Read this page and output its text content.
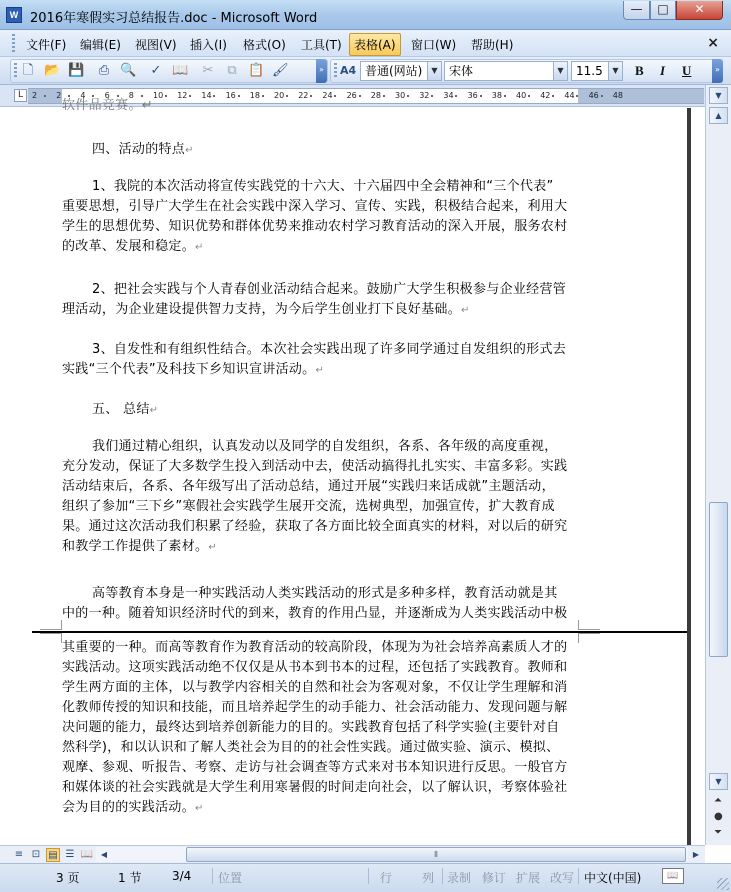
W 2016年寒假实习总结报告.doc - Microsoft Word
—	□	✕
文件(F) 编辑(E) 视图(V) 插入(I) 格式(O) 工具(T)	表格(A)	窗口(W) 帮助(H)	×
🗋 📂 💾 ⎙ 🔍 ✓ 📖 ✂ ⧉ 📋 🖌	» A4 普通(网站)	▼ 宋体	▼	11.5	▼ B I U	»
L	2 2 4 6 8 10 12 14 16 18 20 22 24 26 28 30 32 34 36 38 40 42 44 46 48
软件品竞赛。↵
四、活动的特点↵
1、我院的本次活动将宣传实践党的十六大、十六届四中全会精神和“三个代表”
重要思想，引导广大学生在社会实践中深入学习、宣传、实践，积极结合起来，利用大
学生的思想优势、知识优势和群体优势来推动农村学习教育活动的深入开展，服务农村
的改革、发展和稳定。↵
2、把社会实践与个人青春创业活动结合起来。鼓励广大学生积极参与企业经营管
理活动，为企业建设提供智力支持，为今后学生创业打下良好基础。↵
3、自发性和有组织性结合。本次社会实践出现了许多同学通过自发组织的形式去
实践“三个代表”及科技下乡知识宣讲活动。↵
五、 总结↵
我们通过精心组织，认真发动以及同学的自发组织，各系、各年级的高度重视，
充分发动，保证了大多数学生投入到活动中去，使活动搞得扎扎实实、丰富多彩。实践
活动结束后，各系、各年级写出了活动总结，通过开展“实践归来话成就”主题活动，
组织了参加“三下乡”寒假社会实践学生展开交流，选树典型，加强宣传，扩大教育成
果。通过这次活动我们积累了经验，获取了各方面比较全面真实的材料，对以后的研究
和教学工作提供了素材。↵
高等教育本身是一种实践活动人类实践活动的形式是多种多样，教育活动就是其
中的一种。随着知识经济时代的到来，教育的作用凸显，并逐渐成为人类实践活动中极
其重要的一种。而高等教育作为教育活动的较高阶段，体现为为社会培养高素质人才的
实践活动。这项实践活动绝不仅仅是从书本到书本的过程，还包括了实践教育。教师和
学生两方面的主体，以与教学内容相关的自然和社会为客观对象，不仅让学生理解和消
化教师传授的知识和技能，而且培养起学生的动手能力、社会活动能力、发现问题与解
决问题的能力，最终达到培养创新能力的目的。实践教育包括了科学实验(主要针对自
然科学)，和以认识和了解人类社会为目的的社会性实践。通过做实验、演示、模拟、
观摩、参观、听报告、考察、走访与社会调查等方式来对书本知识进行反思。一般官方
和媒体谈的社会实践就是大学生利用寒暑假的时间走向社会，以了解认识，考察体验社
会为目的的实践活动。↵
▼
▲
▼
⏶
●
⏷
≡ ⊡ ▤ ☰ 📖 ◀	⦀	▶
3 页	1 节	3/4 位置	行 列 录制 修订 扩展 改写 中文(中国)	📖
